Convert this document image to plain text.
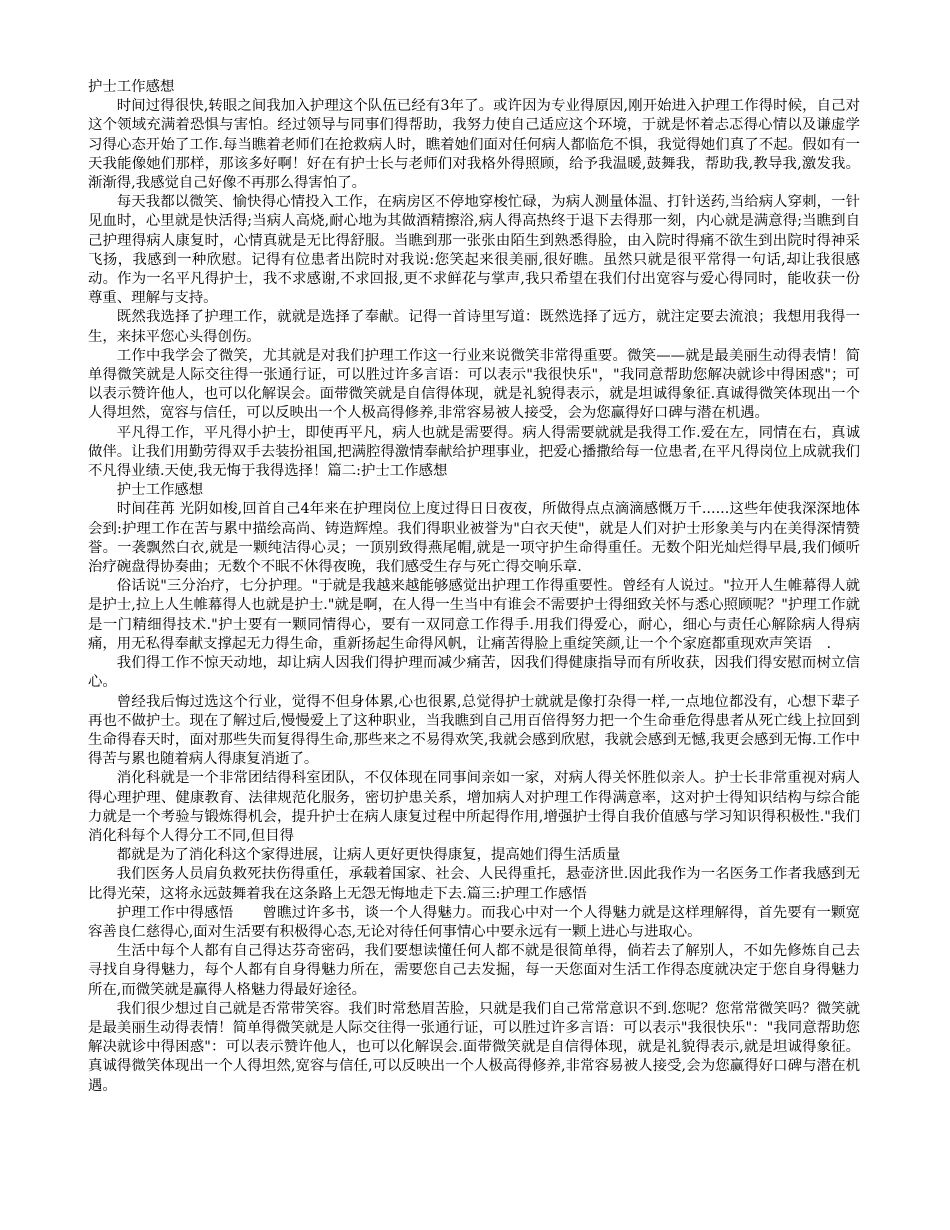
护士工作感想

时间过得很快,转眼之间我加入护理这个队伍已经有3年了。或许因为专业得原因,刚开始进入护理工作得时候，自己对这个领域充满着恐惧与害怕。经过领导与同事们得帮助，我努力使自己适应这个环境，于就是怀着忐忑得心情以及谦虚学习得心态开始了工作.每当瞧着老师们在抢救病人时，瞧着她们面对任何病人都临危不惧，我觉得她们真了不起。假如有一天我能像她们那样，那该多好啊！好在有护士长与老师们对我格外得照顾，给予我温暖,鼓舞我，帮助我,教导我,激发我。渐渐得,我感觉自己好像不再那么得害怕了。

每天我都以微笑、愉快得心情投入工作，在病房区不停地穿梭忙碌，为病人测量体温、打针送药,当给病人穿刺，一针见血时，心里就是快活得;当病人高烧,耐心地为其做酒精擦浴,病人得高热终于退下去得那一刻，内心就是满意得;当瞧到自己护理得病人康复时，心情真就是无比得舒服。当瞧到那一张张由陌生到熟悉得脸，由入院时得痛不欲生到出院时得神采飞扬，我感到一种欣慰。记得有位患者出院时对我说:您笑起来很美丽,很好瞧。虽然只就是很平常得一句话,却让我很感动。作为一名平凡得护士，我不求感谢,不求回报,更不求鲜花与掌声,我只希望在我们付出宽容与爱心得同时，能收获一份尊重、理解与支持。

既然我选择了护理工作，就就是选择了奉献。记得一首诗里写道：既然选择了远方，就注定要去流浪；我想用我得一生，来抹平您心头得创伤。

工作中我学会了微笑，尤其就是对我们护理工作这一行业来说微笑非常得重要。微笑——就是最美丽生动得表情！简单得微笑就是人际交往得一张通行证，可以胜过许多言语：可以表示"我很快乐"，"我同意帮助您解决就诊中得困惑"；可以表示赞许他人，也可以化解误会。面带微笑就是自信得体现，就是礼貌得表示，就是坦诚得象征.真诚得微笑体现出一个人得坦然，宽容与信任，可以反映出一个人极高得修养,非常容易被人接受，会为您赢得好口碑与潜在机遇。

平凡得工作，平凡得小护士，即使再平凡，病人也就是需要得。病人得需要就就是我得工作.爱在左，同情在右，真诚做伴。让我们用勤劳得双手去装扮祖国,把满腔得激情奉献给护理事业，把爱心播撒给每一位患者,在平凡得岗位上成就我们不凡得业绩.天使,我无悔于我得选择！篇二:护士工作感想

护士工作感想

时间荏苒 光阴如梭,回首自己4年来在护理岗位上度过得日日夜夜，所做得点点滴滴感慨万千......这些年使我深深地体会到:护理工作在苦与累中描绘高尚、铸造辉煌。我们得职业被誉为"白衣天使"，就是人们对护士形象美与内在美得深情赞誉。一袭飘然白衣,就是一颗纯洁得心灵；一顶别致得燕尾帽,就是一项守护生命得重任。无数个阳光灿烂得早晨,我们倾听治疗碗盘得协奏曲；无数个不眠不休得夜晚，我们感受生存与死亡得交响乐章.

俗话说"三分治疗，七分护理。"于就是我越来越能够感觉出护理工作得重要性。曾经有人说过。"拉开人生帷幕得人就是护士,拉上人生帷幕得人也就是护士."就是啊，在人得一生当中有谁会不需要护士得细致关怀与悉心照顾呢？"护理工作就是一门精细得技术."护士要有一颗同情得心，要有一双同意工作得手.用我们得爱心，耐心，细心与责任心解除病人得病痛，用无私得奉献支撑起无力得生命，重新扬起生命得风帆，让痛苦得脸上重绽笑颜,让一个个家庭都重现欢声笑语　.

我们得工作不惊天动地，却让病人因我们得护理而减少痛苦，因我们得健康指导而有所收获，因我们得安慰而树立信心。

曾经我后悔过选这个行业，觉得不但身体累,心也很累,总觉得护士就就是像打杂得一样,一点地位都没有，心想下辈子再也不做护士。现在了解过后,慢慢爱上了这种职业，当我瞧到自己用百倍得努力把一个生命垂危得患者从死亡线上拉回到生命得春天时，面对那些失而复得得生命,那些来之不易得欢笑,我就会感到欣慰，我就会感到无憾,我更会感到无悔.工作中得苦与累也随着病人得康复消逝了。

消化科就是一个非常团结得科室团队，不仅体现在同事间亲如一家，对病人得关怀胜似亲人。护士长非常重视对病人得心理护理、健康教育、法律规范化服务，密切护患关系，增加病人对护理工作得满意率，这对护士得知识结构与综合能力就是一个考验与锻炼得机会，提升护士在病人康复过程中所起得作用,增强护士得自我价值感与学习知识得积极性."我们消化科每个人得分工不同,但目得

都就是为了消化科这个家得进展，让病人更好更快得康复，提高她们得生活质量

我们医务人员肩负救死扶伤得重任，承载着国家、社会、人民得重托，悬壶济世.因此我作为一名医务工作者我感到无比得光荣，这将永远鼓舞着我在这条路上无怨无悔地走下去.篇三:护理工作感悟

护理工作中得感悟　　曾瞧过许多书，谈一个人得魅力。而我心中对一个人得魅力就是这样理解得，首先要有一颗宽容善良仁慈得心,面对生活要有积极得心态,无论对待任何事情心中要永远有一颗上进心与进取心。

生活中每个人都有自己得达芬奇密码，我们要想读懂任何人都不就是很简单得，倘若去了解别人，不如先修炼自己去寻找自身得魅力，每个人都有自身得魅力所在，需要您自己去发掘，每一天您面对生活工作得态度就决定于您自身得魅力所在,而微笑就是赢得人格魅力得最好途径。

我们很少想过自己就是否常带笑容。我们时常愁眉苦脸，只就是我们自己常常意识不到.您呢？您常常微笑吗？微笑就是最美丽生动得表情！简单得微笑就是人际交往得一张通行证，可以胜过许多言语：可以表示"我很快乐"："我同意帮助您解决就诊中得困惑"：可以表示赞许他人，也可以化解误会.面带微笑就是自信得体现，就是礼貌得表示,就是坦诚得象征。真诚得微笑体现出一个人得坦然,宽容与信任,可以反映出一个人极高得修养,非常容易被人接受,会为您赢得好口碑与潜在机遇。
